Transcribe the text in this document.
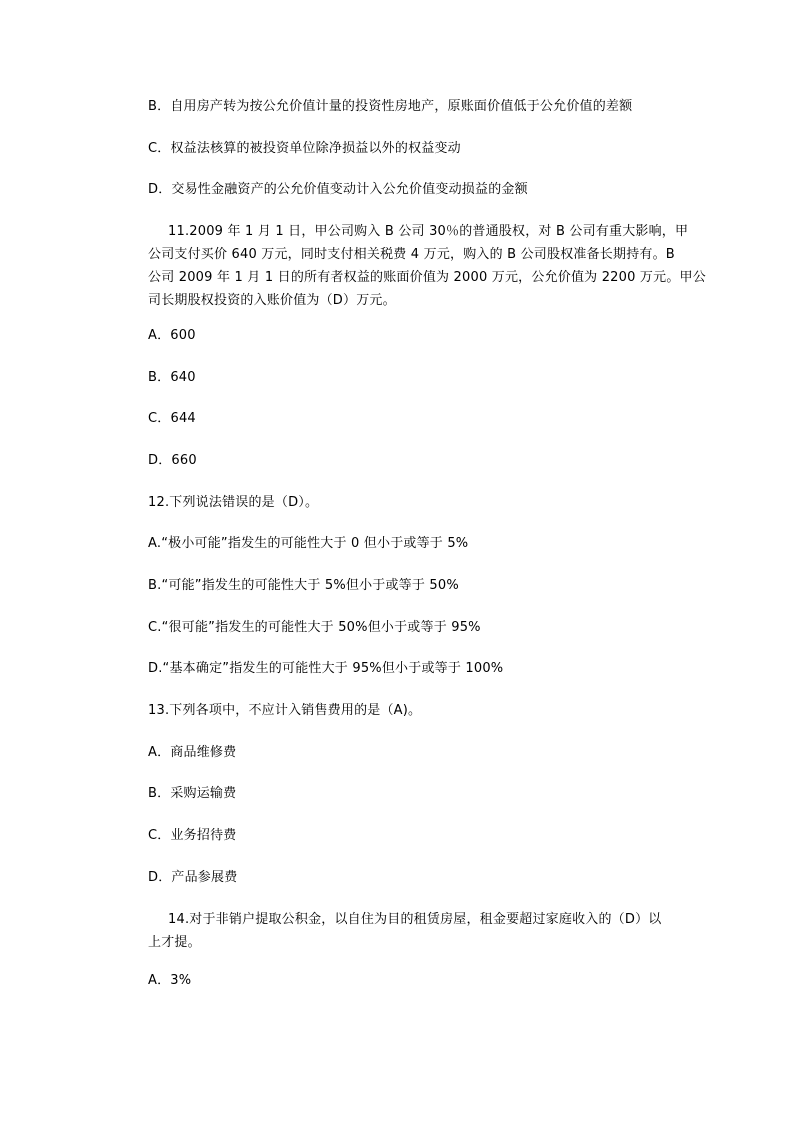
B．自用房产转为按公允价值计量的投资性房地产，原账面价值低于公允价值的差额
C．权益法核算的被投资单位除净损益以外的权益变动
D．交易性金融资产的公允价值变动计入公允价值变动损益的金额
11.2009 年 1 月 1 日，甲公司购入 B 公司 30％的普通股权，对 B 公司有重大影响，甲
公司支付买价 640 万元，同时支付相关税费 4 万元，购入的 B 公司股权准备长期持有。B
公司 2009 年 1 月 1 日的所有者权益的账面价值为 2000 万元，公允价值为 2200 万元。甲公
司长期股权投资的入账价值为（D）万元。
A．600
B．640
C．644
D．660
12.下列说法错误的是（D）。
A.“极小可能”指发生的可能性大于 0 但小于或等于 5%
B.“可能”指发生的可能性大于 5%但小于或等于 50%
C.“很可能”指发生的可能性大于 50%但小于或等于 95%
D.“基本确定”指发生的可能性大于 95%但小于或等于 100%
13.下列各项中，不应计入销售费用的是（A)。
A．商品维修费
B．采购运输费
C．业务招待费
D．产品参展费
14.对于非销户提取公积金，以自住为目的租赁房屋，租金要超过家庭收入的（D）以
上才提。
A．3%
